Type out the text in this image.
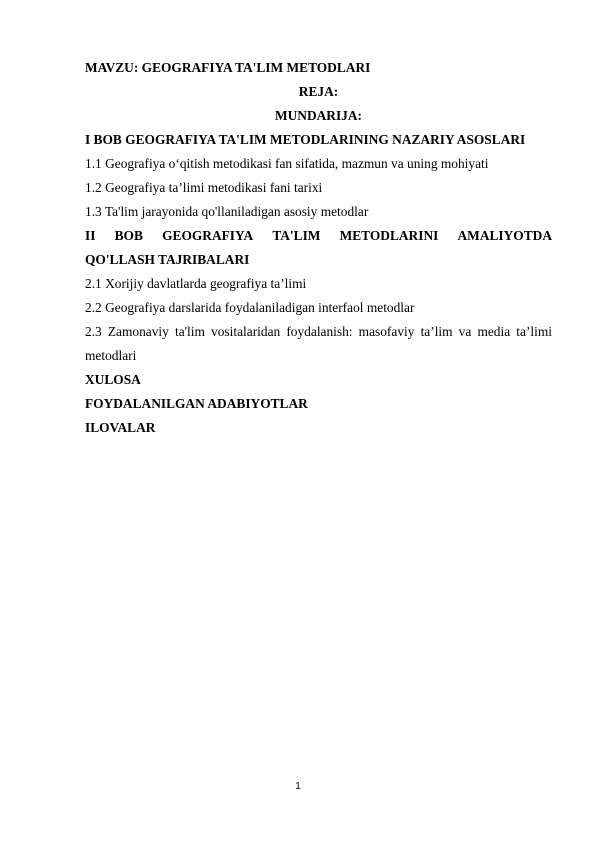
MAVZU: GEOGRAFIYA TA'LIM METODLARI
REJA:
MUNDARIJA:
I BOB GEOGRAFIYA TA'LIM METODLARINING NAZARIY ASOSLARI
1.1 Geografiya o‘qitish metodikasi fan sifatida, mazmun va uning mohiyati
1.2 Geografiya ta’limi metodikasi fani tarixi
1.3 Ta'lim jarayonida qo'llaniladigan asosiy metodlar
II BOB GEOGRAFIYA TA'LIM METODLARINI AMALIYOTDA
QO'LLASH TAJRIBALARI
2.1 Xorijiy davlatlarda geografiya ta’limi
2.2 Geografiya darslarida foydalaniladigan interfaol metodlar
2.3 Zamonaviy ta'lim vositalaridan foydalanish: masofaviy ta’lim va media ta’limi metodlari
XULOSA
FOYDALANILGAN ADABIYOTLAR
ILOVALAR
1
